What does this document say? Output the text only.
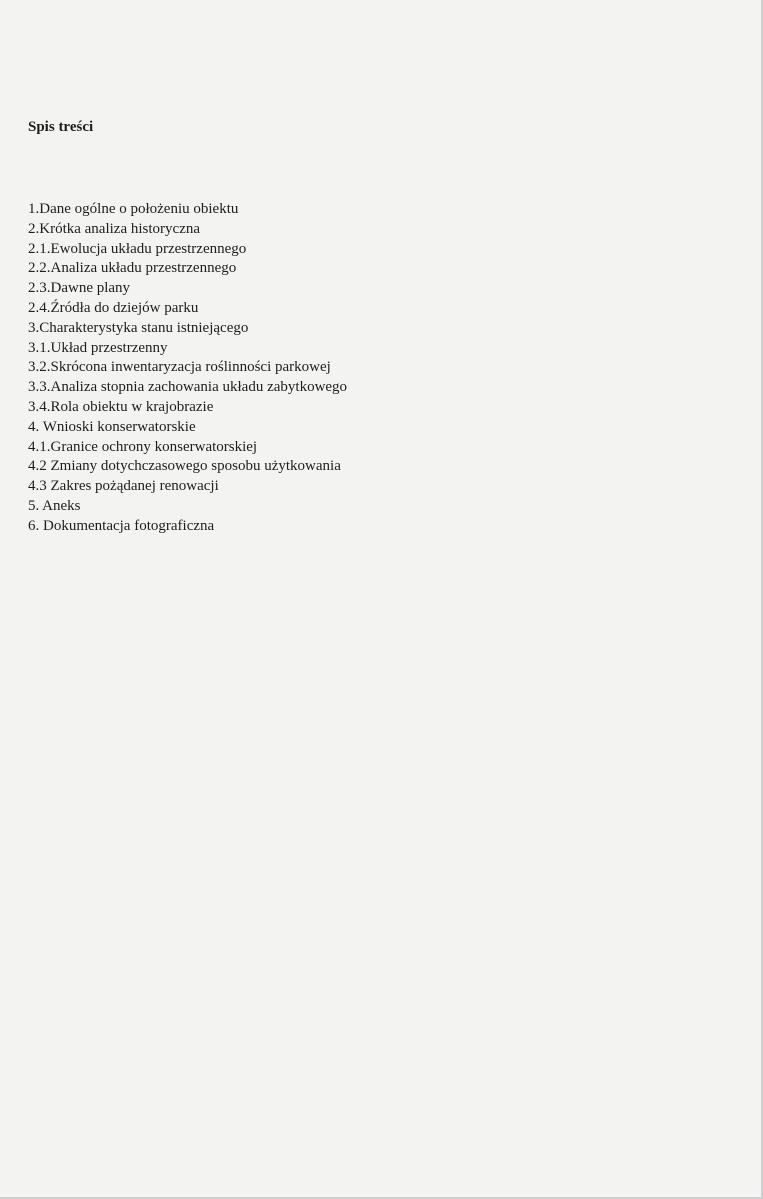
Spis treści
1.Dane ogólne o położeniu obiektu
2.Krótka analiza historyczna
2.1.Ewolucja układu przestrzennego
2.2.Analiza układu przestrzennego
2.3.Dawne plany
2.4.Źródła do dziejów parku
3.Charakterystyka stanu istniejącego
3.1.Układ przestrzenny
3.2.Skrócona inwentaryzacja roślinności parkowej
3.3.Analiza stopnia zachowania układu zabytkowego
3.4.Rola obiektu w krajobrazie
4. Wnioski konserwatorskie
4.1.Granice ochrony konserwatorskiej
4.2 Zmiany dotychczasowego sposobu użytkowania
4.3 Zakres pożądanej renowacji
5. Aneks
6. Dokumentacja fotograficzna
